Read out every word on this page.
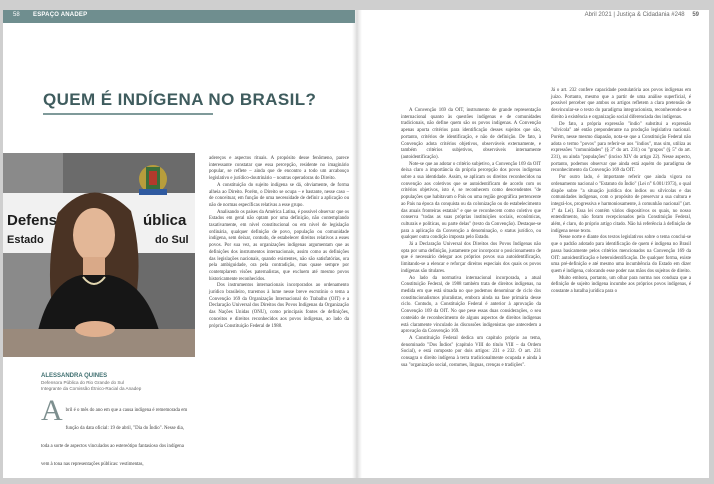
58 ESPAÇO ANADEP
QUEM É INDÍGENA NO BRASIL?
Defens
Estado
ública
do Sul
Foto: Divulgação Anadep
ALESSANDRA QUINES
Defensora Pública do Rio Grande do Sul
Integrante da Comissão Étnico-Racial da Anadep
A bril é o mês do ano em que a causa indígena é rememorada em função da data oficial: 19 de abril, "Dia do Índio". Nesse dia, toda a sorte de aspectos vinculados ao estereótipo fantasioso dos indígena vem à tona nas representações públicas: vestimentas,

adereços e aspectos rituais. A propósito desse fenômeno, parece interessante constatar que essa percepção, residente no imaginário popular, se reflete – ainda que de encontro a todo um arcabouço legislativo e jurídico-doutrinário – noutras operadoras do Direito.

A constituição do sujeito indígena se dá, obviamente, de forma alheia ao Direito. Porém, o Direito se ocupa – e bastante, nesse caso – de conceituar, em função de uma necessidade de definir a aplicação ou não de normas específicas relativas a esse grupo.

Analisando os países da América Latina, é possível observar que os Estados em geral não optam por uma definição, não contemplando taxativamente, em nível constitucional ou em nível de legislação ordinária, qualquer definição de povo, população ou comunidade indígena, sem deixar, contudo, de estabelecer direitos relativos a esses povos. Por sua vez, as organizações indígenas argumentam que as definições dos instrumentos internacionais, assim como as definições das legislações nacionais, quando existentes, não são satisfatórias, ora pela ambiguidade, ora pela contradição, mas quase sempre por contemplarem visões paternalistas, que excluem até mesmo povos historicamente reconhecidos.

Dos instrumentos internacionais incorporados ao ordenamento jurídico brasileiro, traremos à lume nesse breve escrutínio o tema a Convenção 169 da Organização Internacional do Trabalho (OIT) e a Declaração Universal dos Direitos dos Povos Indígenas da Organização das Nações Unidas (ONU), como principais fontes de definições, conceitos e direitos reconhecidos aos povos indígenas, ao lado da própria Constituição Federal de 1988.

Abril 2021 | Justiça & Cidadania #248 59

A Convenção 169 da OIT, instrumento de grande representação internacional quanto às questões indígenas e de comunidades tradicionais, não define quem são os povos indígenas. A Convenção apenas aporta critérios para identificação desses sujeitos que são, portanto, critérios de identificação, e não de definição. De fato, à Convenção adota critérios objetivos, observáveis externamente, e também critérios subjetivos, observáveis internamente (autoidentificação).

Note-se que ao adotar o critério subjetivo, a Convenção 169 da OIT deixa claro a importância da própria percepção dos povos indígenas sobre a sua identidade. Assim, se aplicam os direitos reconhecidos na convenção aos coletivos que se autoidentificam de acordo com os critérios objetivos, isto é, se reconhecem como descendentes "de populações que habitavam o País ou uma região geográfica pertencente ao País na época da conquista ou da colonização ou do estabelecimento das atuais fronteiras estatais" e que se reconhecem como coletivo que conserva "todas as suas próprias instituições sociais, econômicas, culturais e políticas, ou parte delas" (texto da Convenção). Destaque-se para a aplicação da Convenção a denominação, o status jurídico, ou qualquer outra condição imposta pelo Estado.

Já a Declaração Universal dos Direitos dos Povos Indígenas não opta por uma definição, justamente por incorporar o posicionamento de que é necessário delegar aos próprios povos sua autoidentificação, limitando-se a elencar e reforçar direitos especiais dos quais os povos indígenas são titulares.

Ao lado da normativa internacional incorporada, a atual Constituição Federal, de 1988 também trata de direitos indígenas, na medida em que está situada no que podemos denominar de ciclo dos constitucionalismos pluralistas, embora ainda na fase primária desse ciclo. Contudo, a Constituição Federal é anterior à aprovação da Convenção 169 da OIT. No que pese essas duas considerações, o seu conteúdo de reconhecimento de alguns aspectos de direitos indígenas está claramente vinculado às discussões indigenistas que antecedem a aprovação da Convenção 169.

A Constituição Federal dedica um capítulo próprio ao tema, denominado "Dos Índios" (capítulo VIII do título VIII – da Ordem Social), e está composto por dois artigos: 231 e 232. O art. 231 consagra o direito indígena à terra tradicionalmente ocupada e ainda à sua "organização social, costumes, línguas, crenças e tradições".

Já o art. 232 confere capacidade postulatória aos povos indígenas em juízo. Portanto, mesmo que a partir de uma análise superficial, é possível perceber que ambos os artigos refletem a clara pretensão de desvincular-se o texto do paradigma integracionista, reconhecendo-se o direito à existência e organização social diferenciada dos indígenas.

De fato, a própria expressão "índio" substitui a expressão "silvícola" até então preponderante na produção legislativa nacional. Porém, nesse mesmo diapasão, nota-se que a Constituição Federal não adota o termo "povos" para referir-se aos "índios", mas sim, utiliza as expressões "comunidades" (§ 3° do art. 231) ou "grupos" (§ 5° do art. 231), ou ainda "populações" (inciso XIV do artigo 22). Nesse aspecto, portanto, podemos observar que ainda está aquém do paradigma de reconhecimento da Convenção 169 da OIT.

Por outro lado, é importante referir que ainda vigora no ordenamento nacional o "Estatuto do Índio" (Lei n° 6.001/1973), o qual dispõe sobre "a situação jurídica dos índios ou silvícolas e das comunidades indígenas, com o propósito de preservar a sua cultura e integrá-los, progressiva e harmoniosamente, à comunhão nacional" (art. 1° da Lei). Essa lei contém vários dispositivos os quais, no nosso entendimento, não foram recepcionados pela Constituição Federal, além, é claro, do próprio artigo citado. Não há referência à definição de indígena nesse texto.

Nesse norte e diante dos textos legislativos sobre o tema conclui-se que o padrão adotado para identificação de quem é indígena no Brasil passa basicamente pelos critérios mencionados na Convenção 169 da OIT: autoidentificação e heteroidentificação. De qualquer forma, existe uma pré-definição e até mesmo uma incumbência do Estado em dizer quem é indígena, colocando esse poder nas mãos dos sujeitos de direito.

Muito embora, portanto, um olhar para norma nos conduza que a definição de sujeito indígena incumbe aos próprios povos indígenas, é constante a batalha jurídica para o
